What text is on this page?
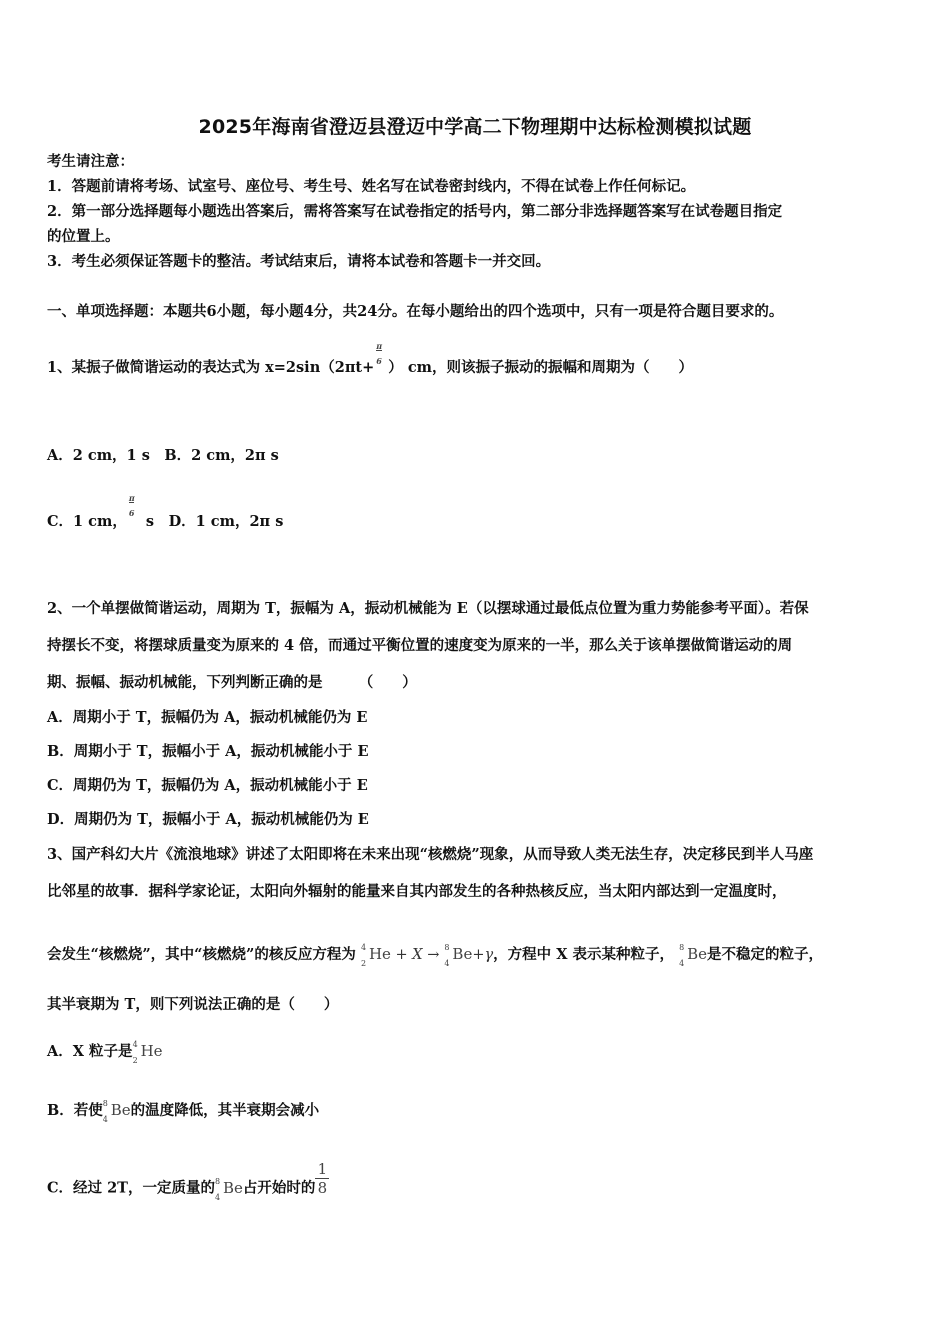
2025年海南省澄迈县澄迈中学高二下物理期中达标检测模拟试题
考生请注意：
1．答题前请将考场、试室号、座位号、考生号、姓名写在试卷密封线内，不得在试卷上作任何标记。
2．第一部分选择题每小题选出答案后，需将答案写在试卷指定的括号内，第二部分非选择题答案写在试卷题目指定
的位置上。
3．考生必须保证答题卡的整洁。考试结束后，请将本试卷和答题卡一并交回。
一、单项选择题：本题共6小题，每小题4分，共24分。在每小题给出的四个选项中，只有一项是符合题目要求的。
1、某振子做简谐运动的表达式为 x=2sin（2πt+
π
6 ） cm，则该振子振动的振幅和周期为（　　）
A．2 cm，1 s　B．2 cm，2π s
C．1 cm，
π
6 s　D．1 cm，2π s
2、一个单摆做简谐运动，周期为 T，振幅为 A，振动机械能为 E（以摆球通过最低点位置为重力势能参考平面）。若保
持摆长不变，将摆球质量变为原来的 4 倍，而通过平衡位置的速度变为原来的一半，那么关于该单摆做简谐运动的周
期、振幅、振动机械能，下列判断正确的是　　　（　　）
A．周期小于 T，振幅仍为 A，振动机械能仍为 E
B．周期小于 T，振幅小于 A，振动机械能小于 E
C．周期仍为 T，振幅仍为 A，振动机械能小于 E
D．周期仍为 T，振幅小于 A，振动机械能仍为 E
3、国产科幻大片《流浪地球》讲述了太阳即将在未来出现“核燃烧”现象，从而导致人类无法生存，决定移民到半人马座
比邻星的故事．据科学家论证，太阳向外辐射的能量来自其内部发生的各种热核反应，当太阳内部达到一定温度时，
会发生“核燃烧”，其中“核燃烧”的核反应方程为 4
2
He + X → 8
4
Be+γ，方程中 X 表示某种粒子， 8
4
Be是不稳定的粒子，
其半衰期为 T，则下列说法正确的是（　　）
A．X 粒子是 4
2
He
B．若使 8
4
Be的温度降低，其半衰期会减小
C．经过 2T，一定质量的 8
4
Be占开始时的 $\frac{1}{8}$
